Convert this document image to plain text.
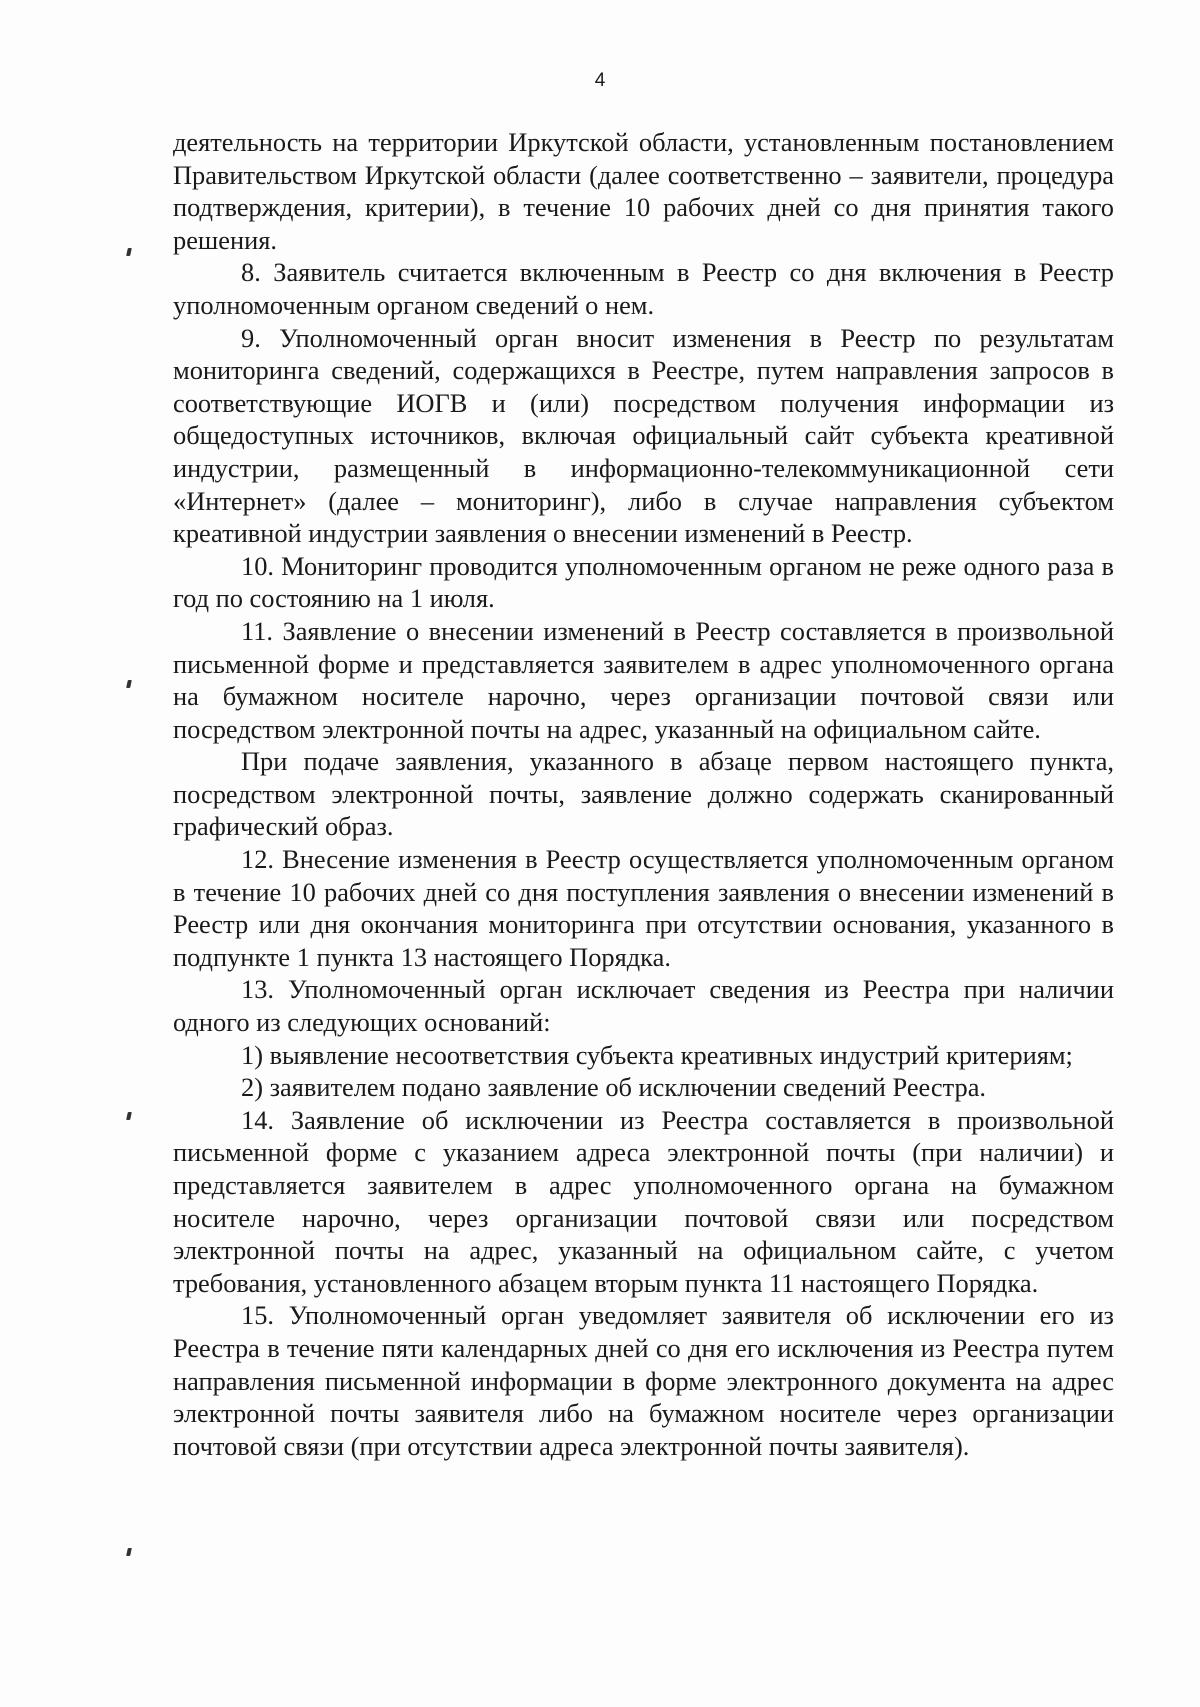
4

деятельность на территории Иркутской области, установленным постановлением Правительством Иркутской области (далее соответственно – заявители, процедура подтверждения, критерии), в течение 10 рабочих дней со дня принятия такого решения.

8. Заявитель считается включенным в Реестр со дня включения в Реестр уполномоченным органом сведений о нем.

9. Уполномоченный орган вносит изменения в Реестр по результатам мониторинга сведений, содержащихся в Реестре, путем направления запросов в соответствующие ИОГВ и (или) посредством получения информации из общедоступных источников, включая официальный сайт субъекта креативной индустрии, размещенный в информационно-телекоммуникационной сети «Интернет» (далее – мониторинг), либо в случае направления субъектом креативной индустрии заявления о внесении изменений в Реестр.

10. Мониторинг проводится уполномоченным органом не реже одного раза в год по состоянию на 1 июля.

11. Заявление о внесении изменений в Реестр составляется в произвольной письменной форме и представляется заявителем в адрес уполномоченного органа на бумажном носителе нарочно, через организации почтовой связи или посредством электронной почты на адрес, указанный на официальном сайте.

При подаче заявления, указанного в абзаце первом настоящего пункта, посредством электронной почты, заявление должно содержать сканированный графический образ.

12. Внесение изменения в Реестр осуществляется уполномоченным органом в течение 10 рабочих дней со дня поступления заявления о внесении изменений в Реестр или дня окончания мониторинга при отсутствии основания, указанного в подпункте 1 пункта 13 настоящего Порядка.

13. Уполномоченный орган исключает сведения из Реестра при наличии одного из следующих оснований:

1) выявление несоответствия субъекта креативных индустрий критериям;

2) заявителем подано заявление об исключении сведений Реестра.

14. Заявление об исключении из Реестра составляется в произвольной письменной форме с указанием адреса электронной почты (при наличии) и представляется заявителем в адрес уполномоченного органа на бумажном носителе нарочно, через организации почтовой связи или посредством электронной почты на адрес, указанный на официальном сайте, с учетом требования, установленного абзацем вторым пункта 11 настоящего Порядка.

15. Уполномоченный орган уведомляет заявителя об исключении его из Реестра в течение пяти календарных дней со дня его исключения из Реестра путем направления письменной информации в форме электронного документа на адрес электронной почты заявителя либо на бумажном носителе через организации почтовой связи (при отсутствии адреса электронной почты заявителя).
